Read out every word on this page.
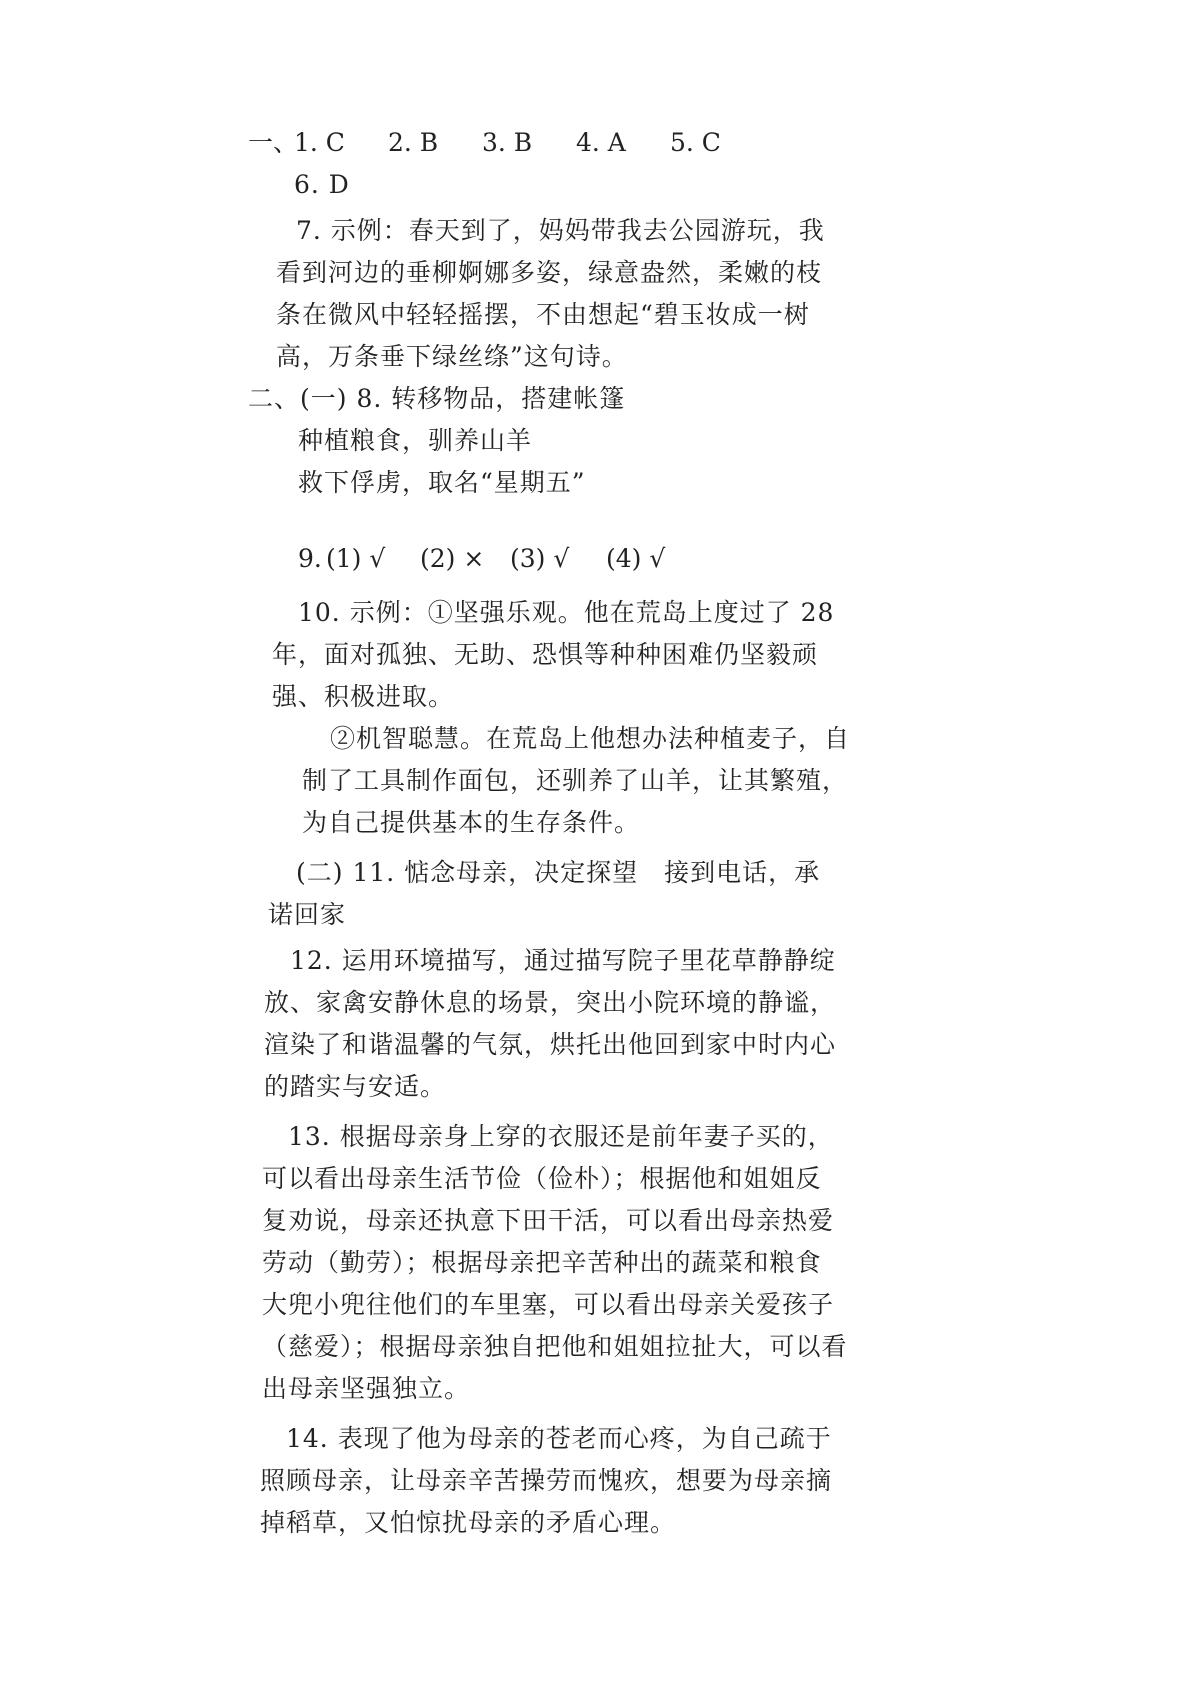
一、
1. C 2. B 3. B 4. A 5. C
6. D
7. 示例：春天到了，妈妈带我去公园游玩，我
看到河边的垂柳婀娜多姿，绿意盎然，柔嫩的枝
条在微风中轻轻摇摆，不由想起“碧玉妆成一树
高，万条垂下绿丝绦”这句诗。
二、(一) 8. 转移物品，搭建帐篷
种植粮食，驯养山羊
救下俘虏，取名“星期五”
9. (1) √ (2) × (3) √ (4) √
10. 示例：①坚强乐观。他在荒岛上度过了 28
年，面对孤独、无助、恐惧等种种困难仍坚毅顽
强、积极进取。
②机智聪慧。在荒岛上他想办法种植麦子，自
制了工具制作面包，还驯养了山羊，让其繁殖，
为自己提供基本的生存条件。
(二) 11. 惦念母亲，决定探望　接到电话，承
诺回家
12. 运用环境描写，通过描写院子里花草静静绽
放、家禽安静休息的场景，突出小院环境的静谧，
渲染了和谐温馨的气氛，烘托出他回到家中时内心
的踏实与安适。
13. 根据母亲身上穿的衣服还是前年妻子买的，
可以看出母亲生活节俭（俭朴）；根据他和姐姐反
复劝说，母亲还执意下田干活，可以看出母亲热爱
劳动（勤劳）；根据母亲把辛苦种出的蔬菜和粮食
大兜小兜往他们的车里塞，可以看出母亲关爱孩子
（慈爱）；根据母亲独自把他和姐姐拉扯大，可以看
出母亲坚强独立。
14. 表现了他为母亲的苍老而心疼，为自己疏于
照顾母亲，让母亲辛苦操劳而愧疚，想要为母亲摘
掉稻草，又怕惊扰母亲的矛盾心理。
